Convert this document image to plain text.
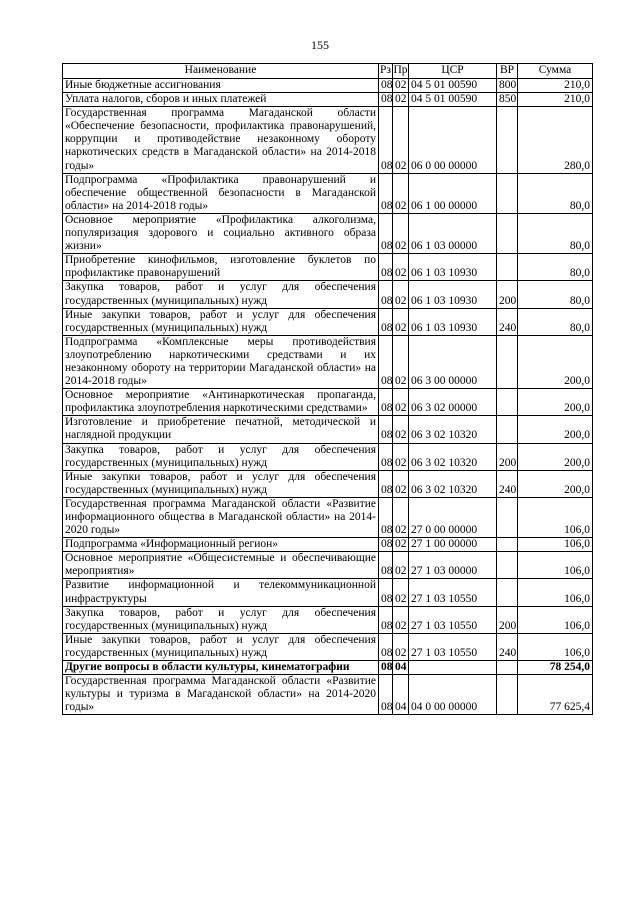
155
Наименование	Рз	Пр	ЦСР	ВР	Сумма
Иные бюджетные ассигнования	08	02	04 5 01 00590	800	210,0
Уплата налогов, сборов и иных платежей	08	02	04 5 01 00590	850	210,0
Государственная программа Магаданской области «Обеспечение безопасности, профилактика правонарушений, коррупции и противодействие незаконному обороту наркотических средств в Магаданской области» на 2014-2018 годы»	08	02	06 0 00 00000		280,0
Подпрограмма «Профилактика правонарушений и обеспечение общественной безопасности в Магаданской области» на 2014-2018 годы»	08	02	06 1 00 00000		80,0
Основное мероприятие «Профилактика алкоголизма, популяризация здорового и социально активного образа жизни»	08	02	06 1 03 00000		80,0
Приобретение кинофильмов, изготовление буклетов по профилактике правонарушений	08	02	06 1 03 10930		80,0
Закупка товаров, работ и услуг для обеспечения государственных (муниципальных) нужд	08	02	06 1 03 10930	200	80,0
Иные закупки товаров, работ и услуг для обеспечения государственных (муниципальных) нужд	08	02	06 1 03 10930	240	80,0
Подпрограмма «Комплексные меры противодействия злоупотреблению наркотическими средствами и их незаконному обороту на территории Магаданской области» на 2014-2018 годы»	08	02	06 3 00 00000		200,0
Основное мероприятие «Антинаркотическая пропаганда, профилактика злоупотребления наркотическими средствами»	08	02	06 3 02 00000		200,0
Изготовление и приобретение печатной, методической и наглядной продукции	08	02	06 3 02 10320		200,0
Закупка товаров, работ и услуг для обеспечения государственных (муниципальных) нужд	08	02	06 3 02 10320	200	200,0
Иные закупки товаров, работ и услуг для обеспечения государственных (муниципальных) нужд	08	02	06 3 02 10320	240	200,0
Государственная программа Магаданской области «Развитие информационного общества в Магаданской области» на 2014-2020 годы»	08	02	27 0 00 00000		106,0
Подпрограмма «Информационный регион»	08	02	27 1 00 00000		106,0
Основное мероприятие «Общесистемные и обеспечивающие мероприятия»	08	02	27 1 03 00000		106,0
Развитие информационной и телекоммуникационной инфраструктуры	08	02	27 1 03 10550		106,0
Закупка товаров, работ и услуг для обеспечения государственных (муниципальных) нужд	08	02	27 1 03 10550	200	106,0
Иные закупки товаров, работ и услуг для обеспечения государственных (муниципальных) нужд	08	02	27 1 03 10550	240	106,0
Другие вопросы в области культуры, кинематографии	08	04			78 254,0
Государственная программа Магаданской области «Развитие культуры и туризма в Магаданской области» на 2014-2020 годы»	08	04	04 0 00 00000		77 625,4
